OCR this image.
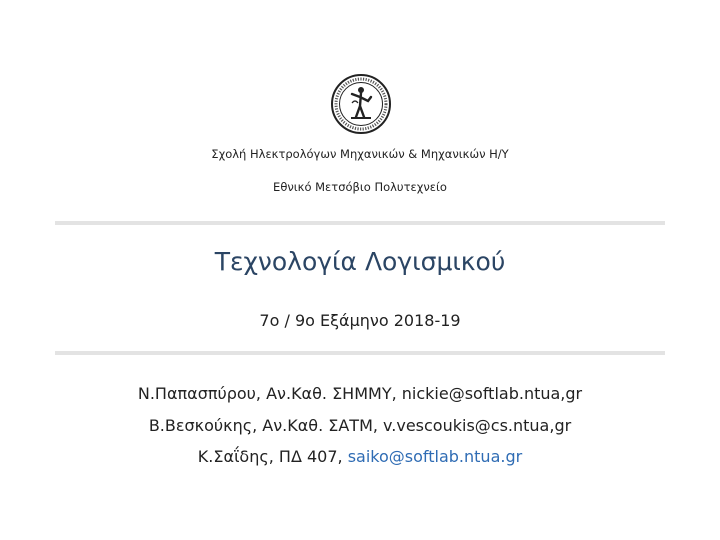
Σχολή Ηλεκτρολόγων Μηχανικών & Μηχανικών Η/Υ
Εθνικό Μετσόβιο Πολυτεχνείο
Τεχνολογία Λογισμικού
7ο / 9ο Εξάμηνο 2018-19
Ν.Παπασπύρου, Αν.Καθ. ΣΗΜΜΥ, nickie@softlab.ntua,gr
Β.Βεσκούκης, Αν.Καθ. ΣΑΤΜ, v.vescoukis@cs.ntua,gr
Κ.Σαΐδης, ΠΔ 407, saiko@softlab.ntua.gr
